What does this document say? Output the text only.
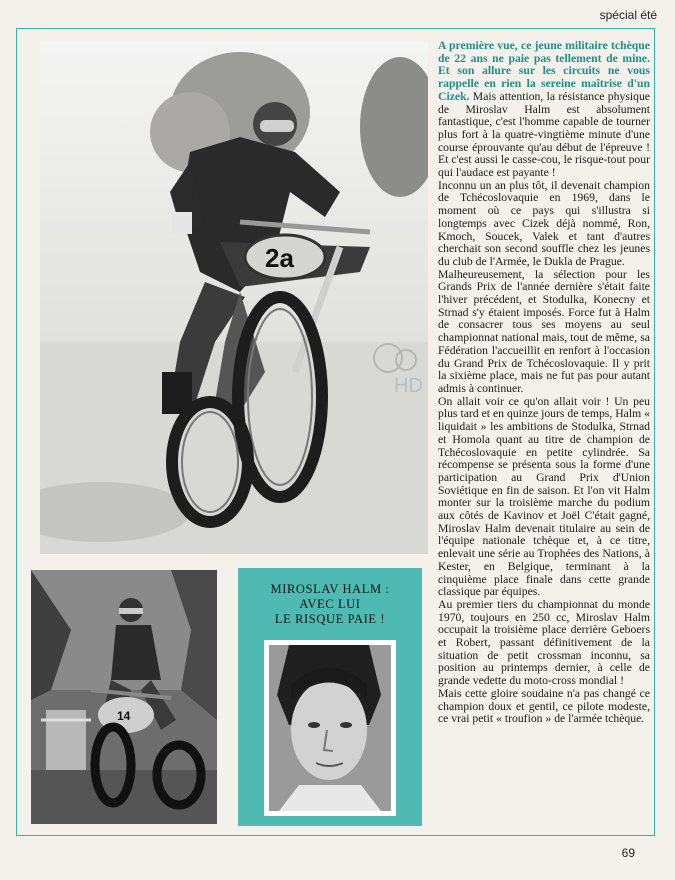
spécial été
2a
HD
14
MIROSLAV HALM :
AVEC LUI
LE RISQUE PAIE !

A première vue, ce jeune militaire tchèque de 22 ans ne paie pas tellement de mine. Et son allure sur les circuits ne vous rappelle en rien la sereine maîtrise d'un Cizek. Mais attention, la résistance physique de Miroslav Halm est absolument fantastique, c'est l'homme capable de tourner plus fort à la quatre-vingtième minute d'une course éprouvante qu'au début de l'épreuve ! Et c'est aussi le casse-cou, le risque-tout pour qui l'audace est payante !

Inconnu un an plus tôt, il devenait champion de Tchécoslovaquie en 1969, dans le moment où ce pays qui s'illustra si longtemps avec Cizek déjà nommé, Ron, Kmoch, Soucek, Valek et tant d'autres cherchait son second souffle chez les jeunes du club de l'Armée, le Dukla de Prague.

Malheureusement, la sélection pour les Grands Prix de l'année dernière s'était faite l'hiver précédent, et Stodulka, Konecny et Strnad s'y étaient imposés. Force fut à Halm de consacrer tous ses moyens au seul championnat national mais, tout de même, sa Fédération l'accueillit en renfort à l'occasion du Grand Prix de Tchécoslovaquie. Il y prit la sixième place, mais ne fut pas pour autant admis à continuer.

On allait voir ce qu'on allait voir ! Un peu plus tard et en quinze jours de temps, Halm « liquidait » les ambitions de Stodulka, Strnad et Homola quant au titre de champion de Tchécoslovaquie en petite cylindrée. Sa récompense se présenta sous la forme d'une participation au Grand Prix d'Union Soviétique en fin de saison. Et l'on vit Halm monter sur la troisième marche du podium aux côtés de Kavinov et Joël C'était gagné, Miroslav Halm devenait titulaire au sein de l'équipe nationale tchèque et, à ce titre, enlevait une série au Trophées des Nations, à Kester, en Belgique, terminant à la cinquième place finale dans cette grande classique par équipes.

Au premier tiers du championnat du monde 1970, toujours en 250 cc, Miroslav Halm occupait la troisième place derrière Geboers et Robert, passant définitivement de la situation de petit crossman inconnu, sa position au printemps dernier, à celle de grande vedette du moto-cross mondial !

Mais cette gloire soudaine n'a pas changé ce champion doux et gentil, ce pilote modeste, ce vrai petit « troufion » de l'armée tchèque.

69
